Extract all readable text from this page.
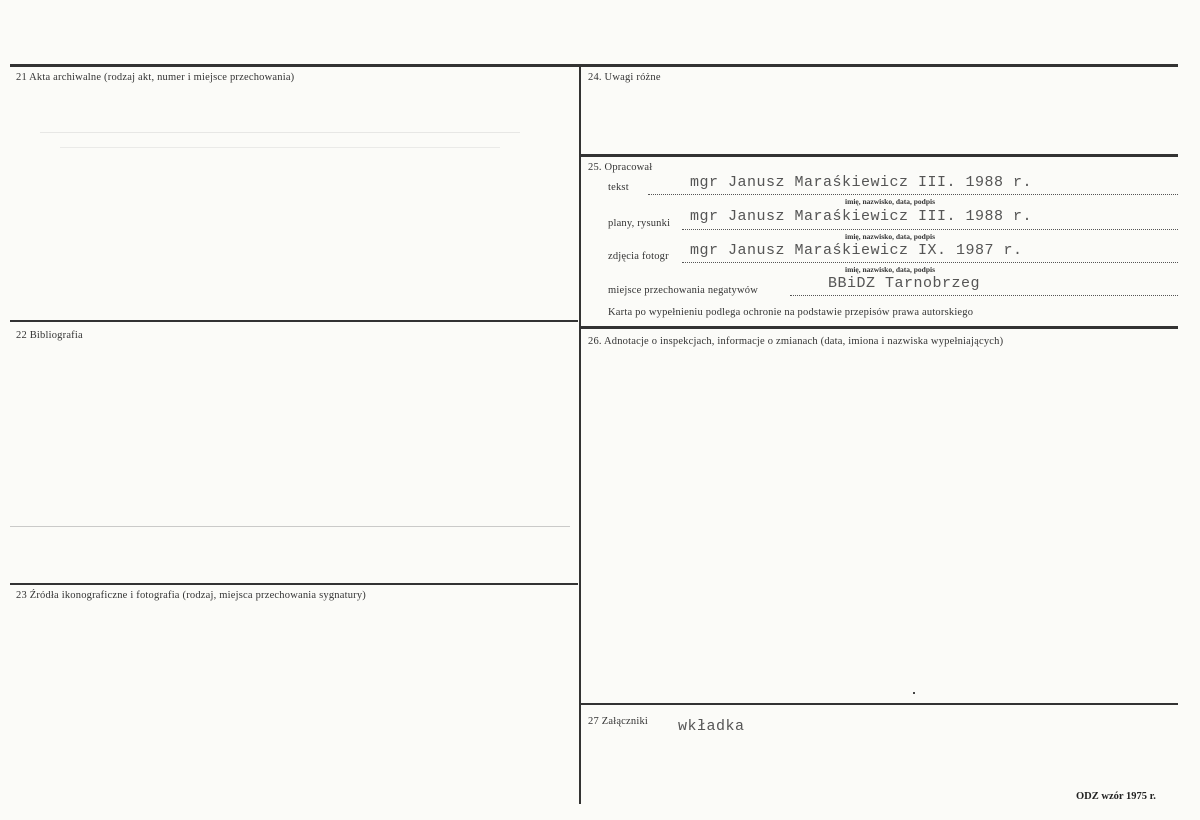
21 Akta archiwalne (rodzaj akt, numer i miejsce przechowania)
22 Bibliografia
23 Źródła ikonograficzne i fotografia (rodzaj, miejsca przechowania sygnatury)
24. Uwagi różne
25. Opracował
tekst	mgr Janusz Maraśkiewicz III. 1988 r.
imię, nazwisko, data, podpis
plany, rysunki mgr Janusz Maraśkiewicz III. 1988 r.
imię, nazwisko, data, podpis
zdjęcia fotogr mgr Janusz Maraśkiewicz IX. 1987 r.
imię, nazwisko, data, podpis
miejsce przechowania negatywów	BBiDZ Tarnobrzeg
Karta po wypełnieniu podlega ochronie na podstawie przepisów prawa autorskiego
26. Adnotacje o inspekcjach, informacje o zmianach (data, imiona i nazwiska wypełniających)
27 Załączniki wkładka
ODZ wzór 1975 r.
